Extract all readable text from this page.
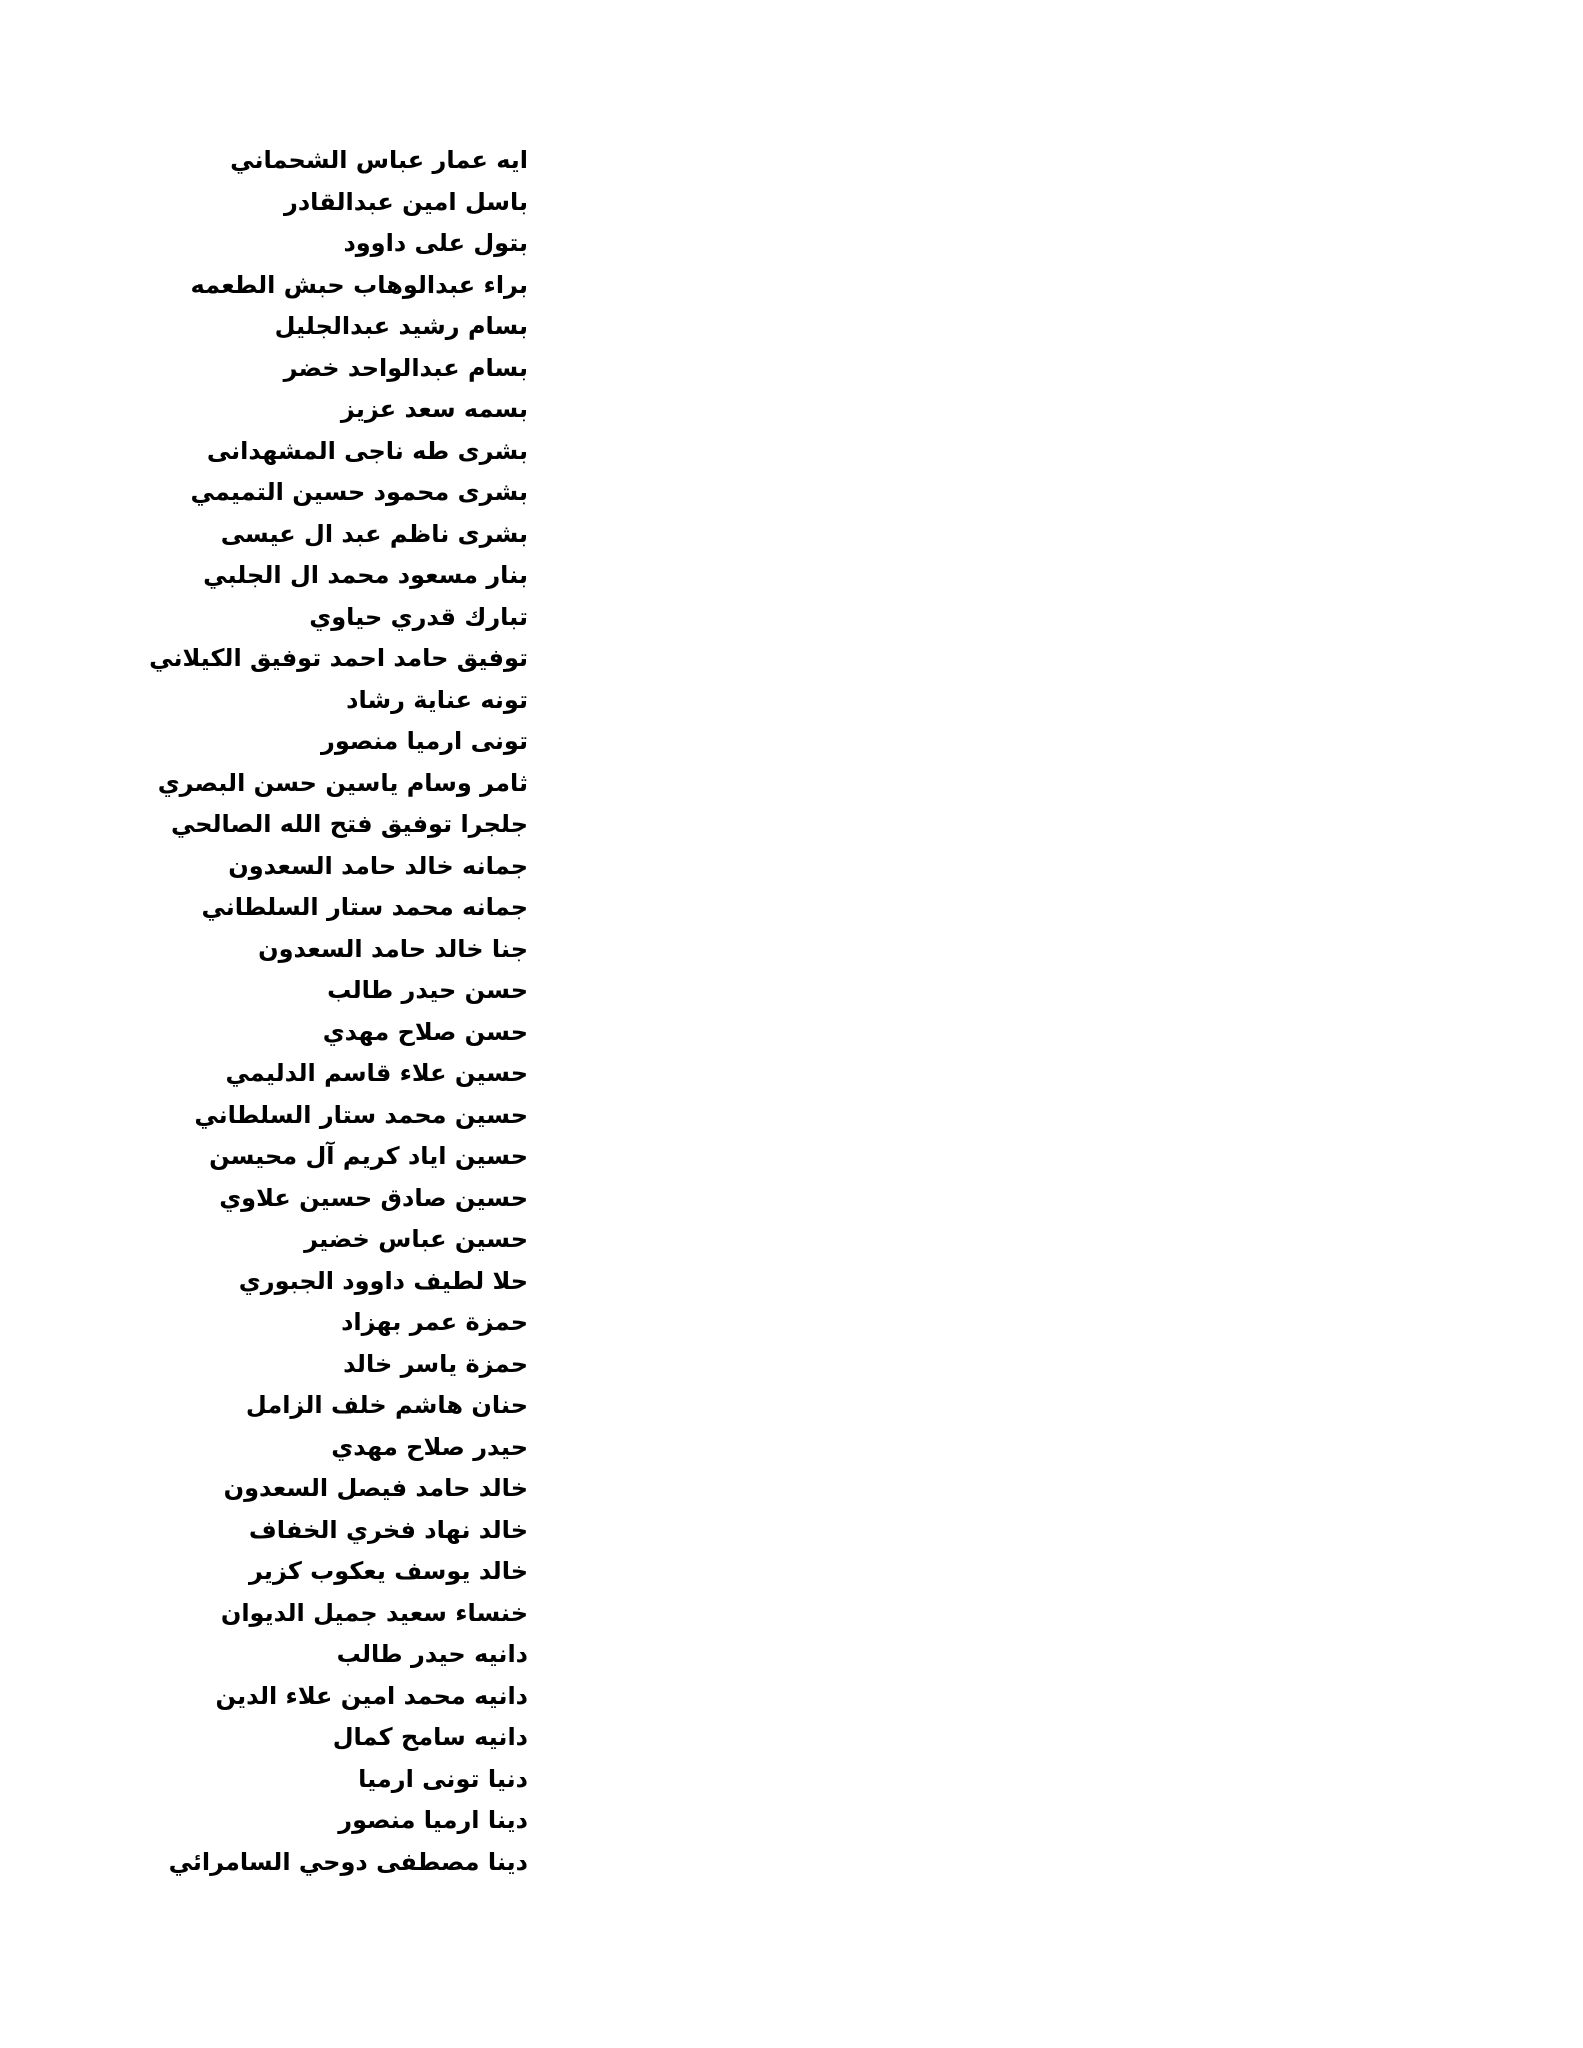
ايه عمار عباس الشحماني
باسل امين عبدالقادر
بتول على داوود
براء عبدالوهاب حبش الطعمه
بسام رشيد عبدالجليل
بسام عبدالواحد خضر
بسمه سعد عزيز
بشرى طه ناجى المشهدانى
بشرى محمود حسين التميمي
بشرى ناظم عبد ال عيسى
بنار مسعود محمد ال الجلبي
تبارك قدري حياوي
توفيق حامد احمد توفيق الكيلاني
تونه عناية رشاد
تونى ارميا منصور
ثامر وسام ياسين حسن البصري
جلجرا توفيق فتح الله الصالحي
جمانه خالد حامد السعدون
جمانه محمد ستار السلطاني
جنا خالد حامد السعدون
حسن حيدر طالب
حسن صلاح مهدي
حسين علاء قاسم الدليمي
حسين محمد ستار السلطاني
حسين اياد كريم آل محيسن
حسين صادق حسين علاوي
حسين عباس خضير
حلا لطيف داوود الجبوري
حمزة عمر بهزاد
حمزة ياسر خالد
حنان هاشم خلف الزامل
حيدر صلاح مهدي
خالد حامد فيصل السعدون
خالد نهاد فخري الخفاف
خالد يوسف يعكوب كزير
خنساء سعيد جميل الديوان
دانيه حيدر طالب
دانيه محمد امين علاء الدين
دانيه سامح كمال
دنيا تونى ارميا
دينا ارميا منصور
دينا مصطفى دوحي السامرائي
